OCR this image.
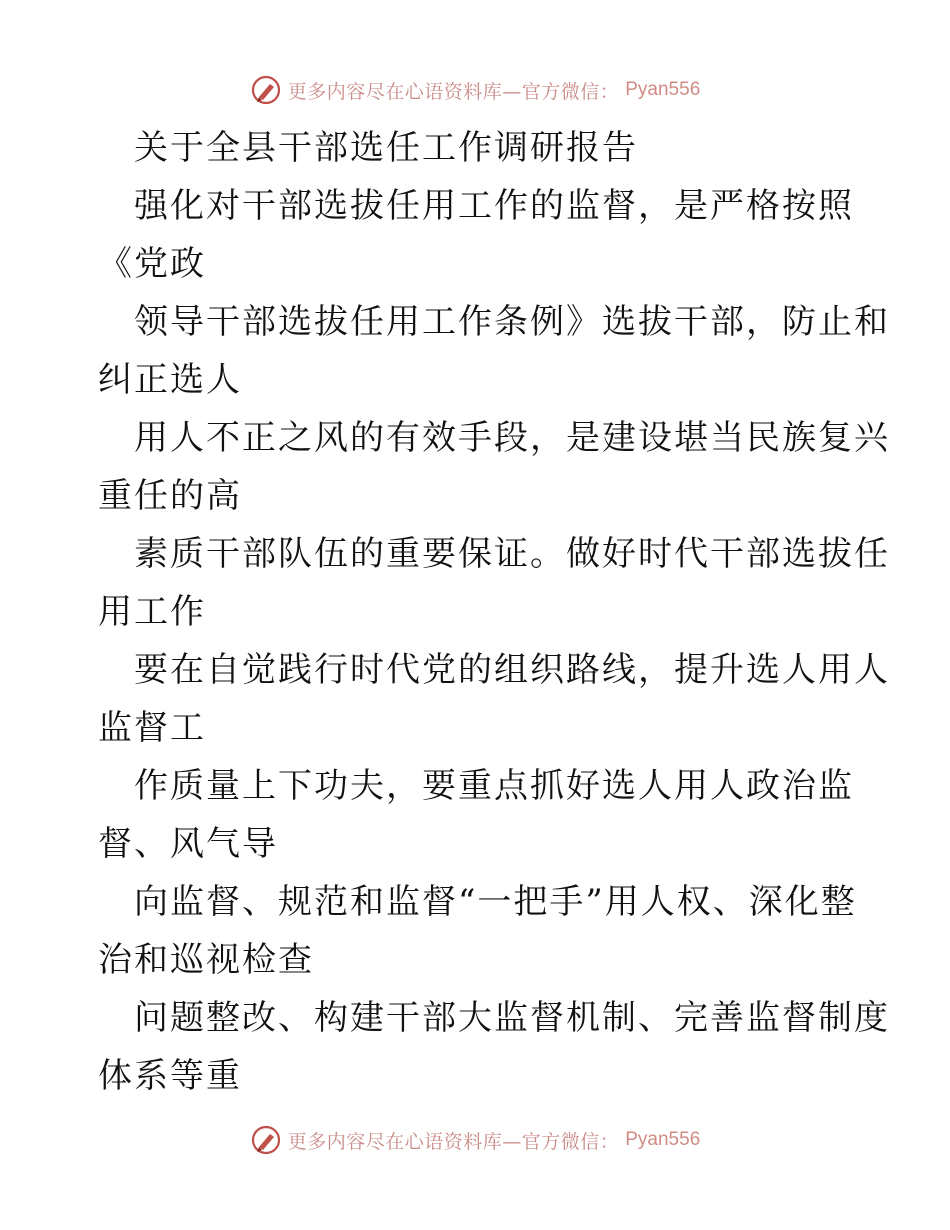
更多内容尽在心语资料库—官方微信： Pyan556
关于全县干部选任工作调研报告
强化对干部选拔任用工作的监督，是严格按照
《党政
领导干部选拔任用工作条例》选拔干部，防止和
纠正选人
用人不正之风的有效手段，是建设堪当民族复兴
重任的高
素质干部队伍的重要保证。做好时代干部选拔任
用工作
要在自觉践行时代党的组织路线，提升选人用人
监督工
作质量上下功夫，要重点抓好选人用人政治监
督、风气导
向监督、规范和监督“一把手”用人权、深化整
治和巡视检查
问题整改、构建干部大监督机制、完善监督制度
体系等重
更多内容尽在心语资料库—官方微信： Pyan556
